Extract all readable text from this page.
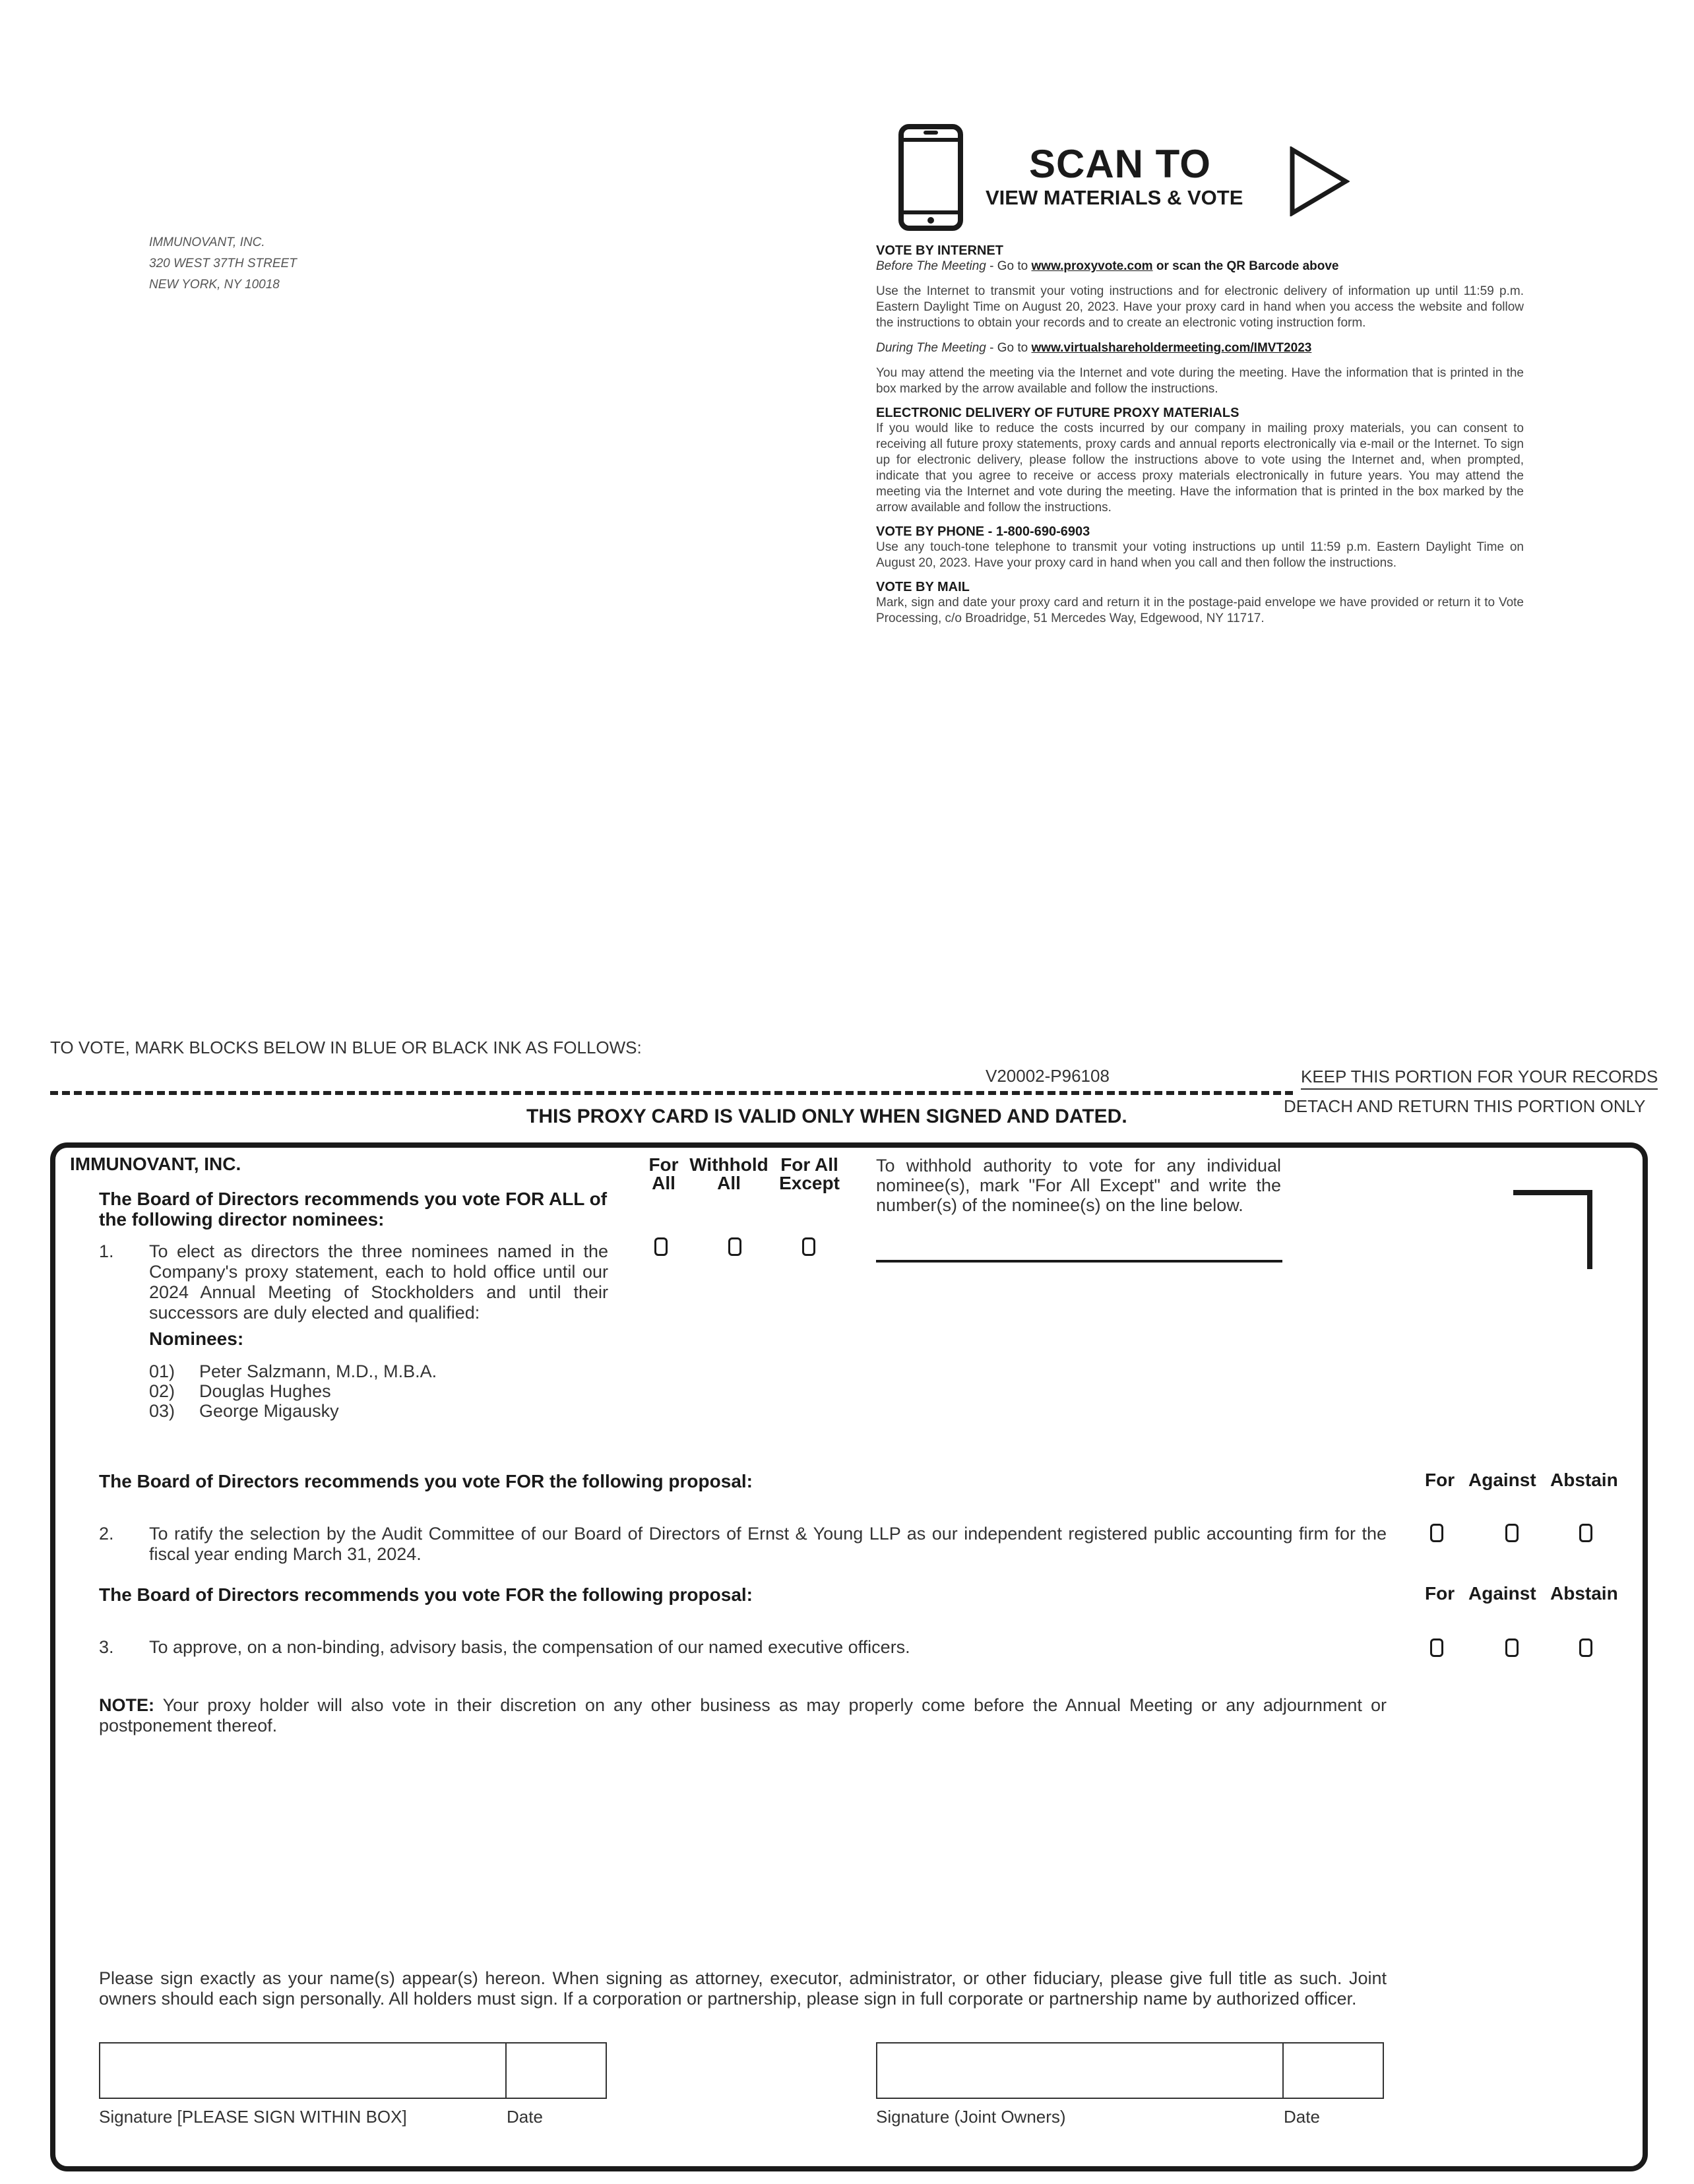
IMMUNOVANT, INC.
320 WEST 37TH STREET
NEW YORK, NY 10018
SCAN TO
VIEW MATERIALS & VOTE
VOTE BY INTERNET
Before The Meeting - Go to www.proxyvote.com or scan the QR Barcode above

Use the Internet to transmit your voting instructions and for electronic delivery of information up until 11:59 p.m. Eastern Daylight Time on August 20, 2023. Have your proxy card in hand when you access the website and follow the instructions to obtain your records and to create an electronic voting instruction form.

During The Meeting - Go to www.virtualshareholdermeeting.com/IMVT2023

You may attend the meeting via the Internet and vote during the meeting. Have the information that is printed in the box marked by the arrow available and follow the instructions.

ELECTRONIC DELIVERY OF FUTURE PROXY MATERIALS

If you would like to reduce the costs incurred by our company in mailing proxy materials, you can consent to receiving all future proxy statements, proxy cards and annual reports electronically via e-mail or the Internet. To sign up for electronic delivery, please follow the instructions above to vote using the Internet and, when prompted, indicate that you agree to receive or access proxy materials electronically in future years. You may attend the meeting via the Internet and vote during the meeting. Have the information that is printed in the box marked by the arrow available and follow the instructions.

VOTE BY PHONE - 1-800-690-6903

Use any touch-tone telephone to transmit your voting instructions up until 11:59 p.m. Eastern Daylight Time on August 20, 2023. Have your proxy card in hand when you call and then follow the instructions.

VOTE BY MAIL

Mark, sign and date your proxy card and return it in the postage-paid envelope we have provided or return it to Vote Processing, c/o Broadridge, 51 Mercedes Way, Edgewood, NY 11717.

TO VOTE, MARK BLOCKS BELOW IN BLUE OR BLACK INK AS FOLLOWS:
V20002-P96108	KEEP THIS PORTION FOR YOUR RECORDS
THIS PROXY CARD IS VALID ONLY WHEN SIGNED AND DATED.	DETACH AND RETURN THIS PORTION ONLY
IMMUNOVANT, INC.
The Board of Directors recommends you vote FOR ALL of the following director nominees:
1. To elect as directors the three nominees named in the Company's proxy statement, each to hold office until our 2024 Annual Meeting of Stockholders and until their successors are duly elected and qualified:
Nominees:
01) Peter Salzmann, M.D., M.B.A.
02) Douglas Hughes
03) George Migausky
For
All
Withhold
All
For All
Except
To withhold authority to vote for any individual nominee(s), mark "For All Except" and write the number(s) of the nominee(s) on the line below.
The Board of Directors recommends you vote FOR the following proposal:	For Against Abstain
2. To ratify the selection by the Audit Committee of our Board of Directors of Ernst & Young LLP as our independent registered public accounting firm for the fiscal year ending March 31, 2024.
The Board of Directors recommends you vote FOR the following proposal:	For Against Abstain
3. To approve, on a non-binding, advisory basis, the compensation of our named executive officers.
NOTE: Your proxy holder will also vote in their discretion on any other business as may properly come before the Annual Meeting or any adjournment or postponement thereof.
Please sign exactly as your name(s) appear(s) hereon. When signing as attorney, executor, administrator, or other fiduciary, please give full title as such. Joint owners should each sign personally. All holders must sign. If a corporation or partnership, please sign in full corporate or partnership name by authorized officer.
Signature [PLEASE SIGN WITHIN BOX]	Date	Signature (Joint Owners)	Date
